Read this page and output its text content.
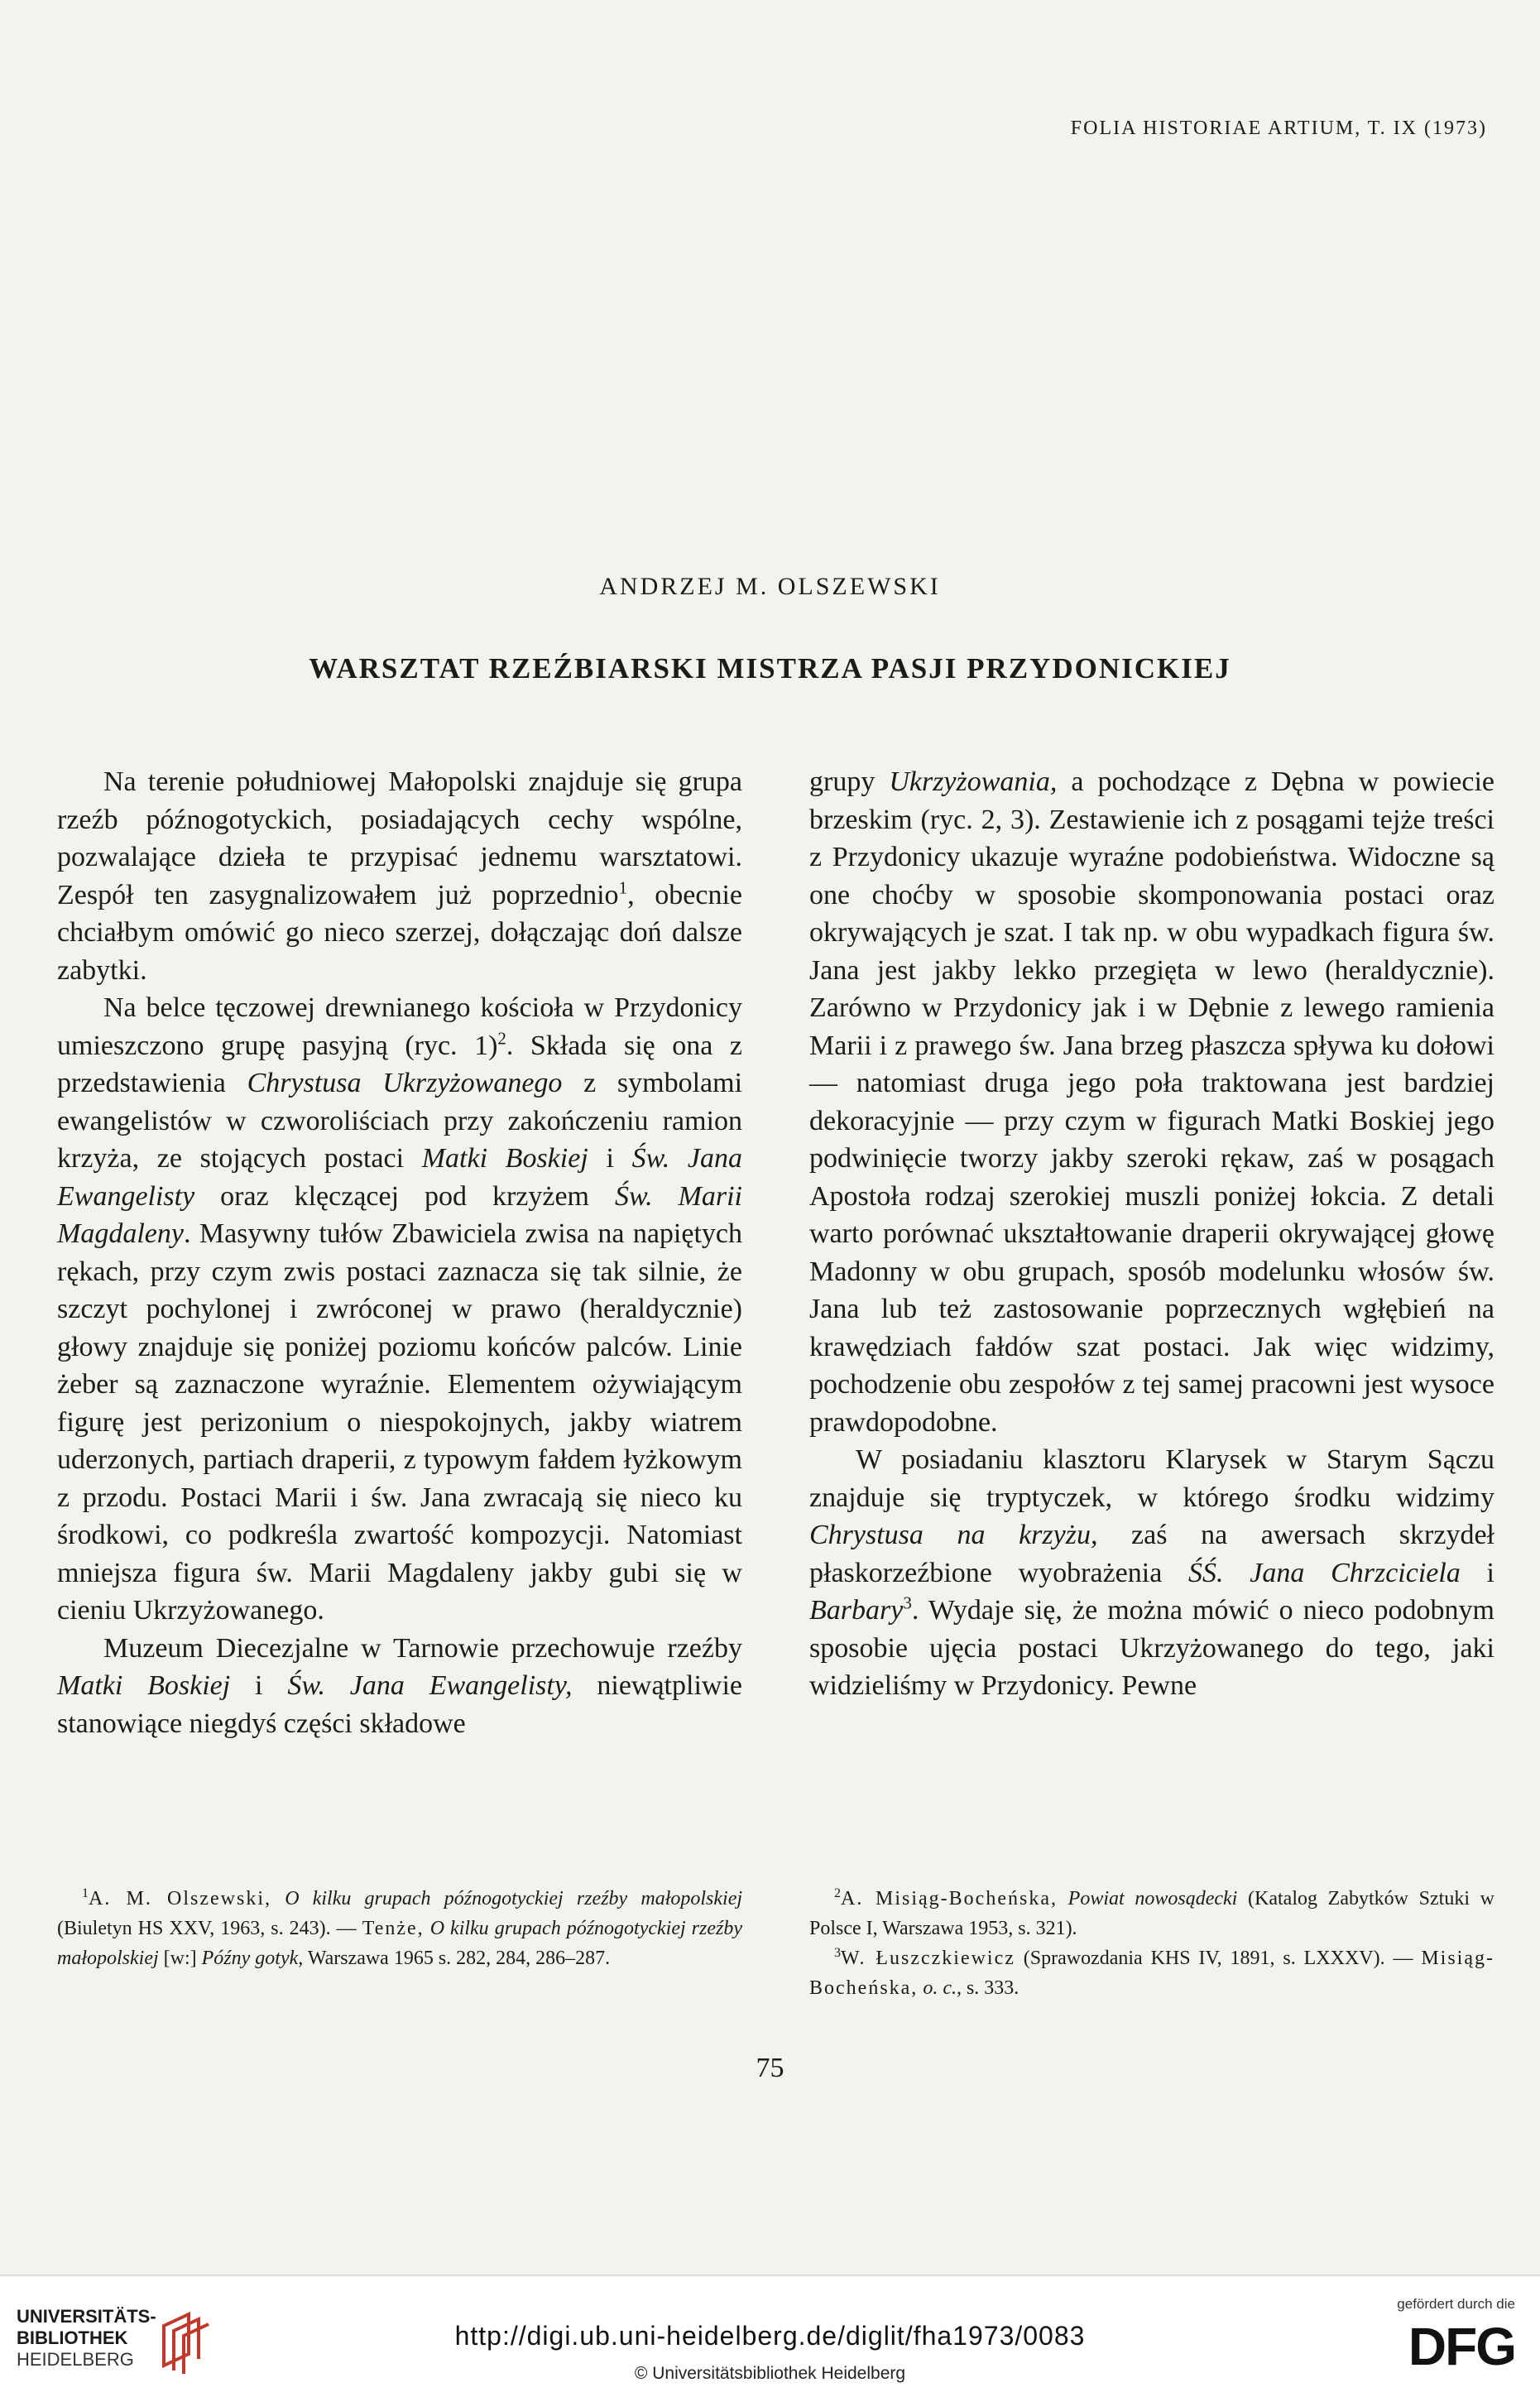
FOLIA HISTORIAE ARTIUM, T. IX (1973)
ANDRZEJ M. OLSZEWSKI
WARSZTAT RZEŹBIARSKI MISTRZA PASJI PRZYDONICKIEJ

Na terenie południowej Małopolski znajduje się grupa rzeźb późnogotyckich, posiadających cechy wspólne, pozwalające dzieła te przypisać jednemu warsztatowi. Zespół ten zasygnalizowałem już poprzednio$^1$, obecnie chciałbym omówić go nieco szerzej, dołączając doń dalsze zabytki.

Na belce tęczowej drewnianego kościoła w Przydonicy umieszczono grupę pasyjną (ryc. 1)$^2$. Składa się ona z przedstawienia Chrystusa Ukrzyżowanego z symbolami ewangelistów w czworoliściach przy zakończeniu ramion krzyża, ze stojących postaci Matki Boskiej i Św. Jana Ewangelisty oraz klęczącej pod krzyżem Św. Marii Magdaleny. Masywny tułów Zbawiciela zwisa na napiętych rękach, przy czym zwis postaci zaznacza się tak silnie, że szczyt pochylonej i zwróconej w prawo (heraldycznie) głowy znajduje się poniżej poziomu końców palców. Linie żeber są zaznaczone wyraźnie. Elementem ożywiającym figurę jest perizonium o niespokojnych, jakby wiatrem uderzonych, partiach draperii, z typowym fałdem łyżkowym z przodu. Postaci Marii i św. Jana zwracają się nieco ku środkowi, co podkreśla zwartość kompozycji. Natomiast mniejsza figura św. Marii Magdaleny jakby gubi się w cieniu Ukrzyżowanego.

Muzeum Diecezjalne w Tarnowie przechowuje rzeźby Matki Boskiej i Św. Jana Ewangelisty, niewątpliwie stanowiące niegdyś części składowe

grupy Ukrzyżowania, a pochodzące z Dębna w powiecie brzeskim (ryc. 2, 3). Zestawienie ich z posągami tejże treści z Przydonicy ukazuje wyraźne podobieństwa. Widoczne są one choćby w sposobie skomponowania postaci oraz okrywających je szat. I tak np. w obu wypadkach figura św. Jana jest jakby lekko przegięta w lewo (heraldycznie). Zarówno w Przydonicy jak i w Dębnie z lewego ramienia Marii i z prawego św. Jana brzeg płaszcza spływa ku dołowi — natomiast druga jego poła traktowana jest bardziej dekoracyjnie — przy czym w figurach Matki Boskiej jego podwinięcie tworzy jakby szeroki rękaw, zaś w posągach Apostoła rodzaj szerokiej muszli poniżej łokcia. Z detali warto porównać ukształtowanie draperii okrywającej głowę Madonny w obu grupach, sposób modelunku włosów św. Jana lub też zastosowanie poprzecznych wgłębień na krawędziach fałdów szat postaci. Jak więc widzimy, pochodzenie obu zespołów z tej samej pracowni jest wysoce prawdopodobne.

W posiadaniu klasztoru Klarysek w Starym Sączu znajduje się tryptyczek, w którego środku widzimy Chrystusa na krzyżu, zaś na awersach skrzydeł płaskorzeźbione wyobrażenia ŚŚ. Jana Chrzciciela i Barbary$^3$. Wydaje się, że można mówić o nieco podobnym sposobie ujęcia postaci Ukrzyżowanego do tego, jaki widzieliśmy w Przydonicy. Pewne

$^1$A. M. Olszewski, O kilku grupach późnogotyckiej rzeźby małopolskiej (Biuletyn HS XXV, 1963, s. 243). — Tenże, O kilku grupach późnogotyckiej rzeźby małopolskiej [w:] Późny gotyk, Warszawa 1965 s. 282, 284, 286–287.

$^2$A. Misiąg-Bocheńska, Powiat nowosądecki (Katalog Zabytków Sztuki w Polsce I, Warszawa 1953, s. 321).

$^3$W. Łuszczkiewicz (Sprawozdania KHS IV, 1891, s. LXXXV). — Misiąg-Bocheńska, o. c., s. 333.

75
UNIVERSITÄTS-
BIBLIOTHEK
HEIDELBERG
http://digi.ub.uni-heidelberg.de/diglit/fha1973/0083
© Universitätsbibliothek Heidelberg
gefördert durch die
DFG
